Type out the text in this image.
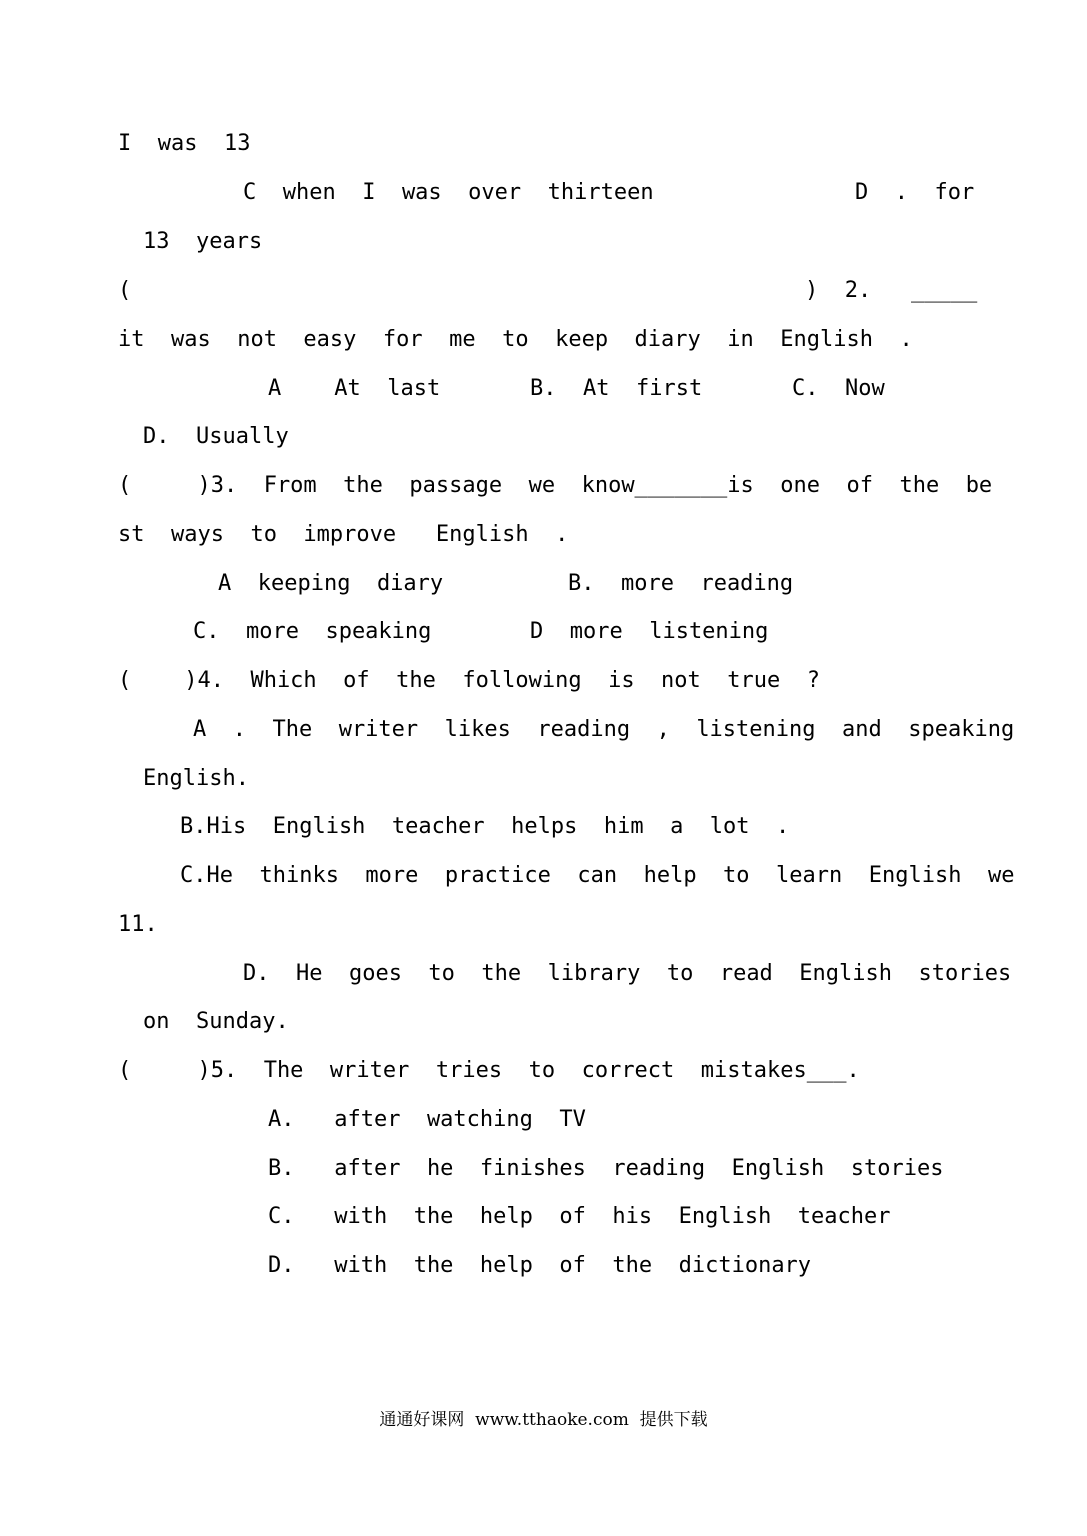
I  was  13
C  when  I  was  over  thirteen	D  .  for
13  years
(	)  2.   _____
it  was  not  easy  for  me  to  keep  diary  in  English  .
A    At  last	B.  At  first	C.  Now
D.  Usually
(     )3.  From  the  passage  we  know_______is  one  of  the  be
st  ways  to  improve   English  .
A  keeping  diary	B.  more  reading
C.  more  speaking	D  more  listening
(    )4.  Which  of  the  following  is  not  true  ?
A  .  The  writer  likes  reading  ,  listening  and  speaking
English.
B.His  English  teacher  helps  him  a  lot  .
C.He  thinks  more  practice  can  help  to  learn  English  we
11.
D.  He  goes  to  the  library  to  read  English  stories
on  Sunday.
(     )5.  The  writer  tries  to  correct  mistakes___.
A.   after  watching  TV
B.   after  he  finishes  reading  English  stories
C.   with  the  help  of  his  English  teacher
D.   with  the  help  of  the  dictionary
通通好课网  www.tthaoke.com  提供下载
